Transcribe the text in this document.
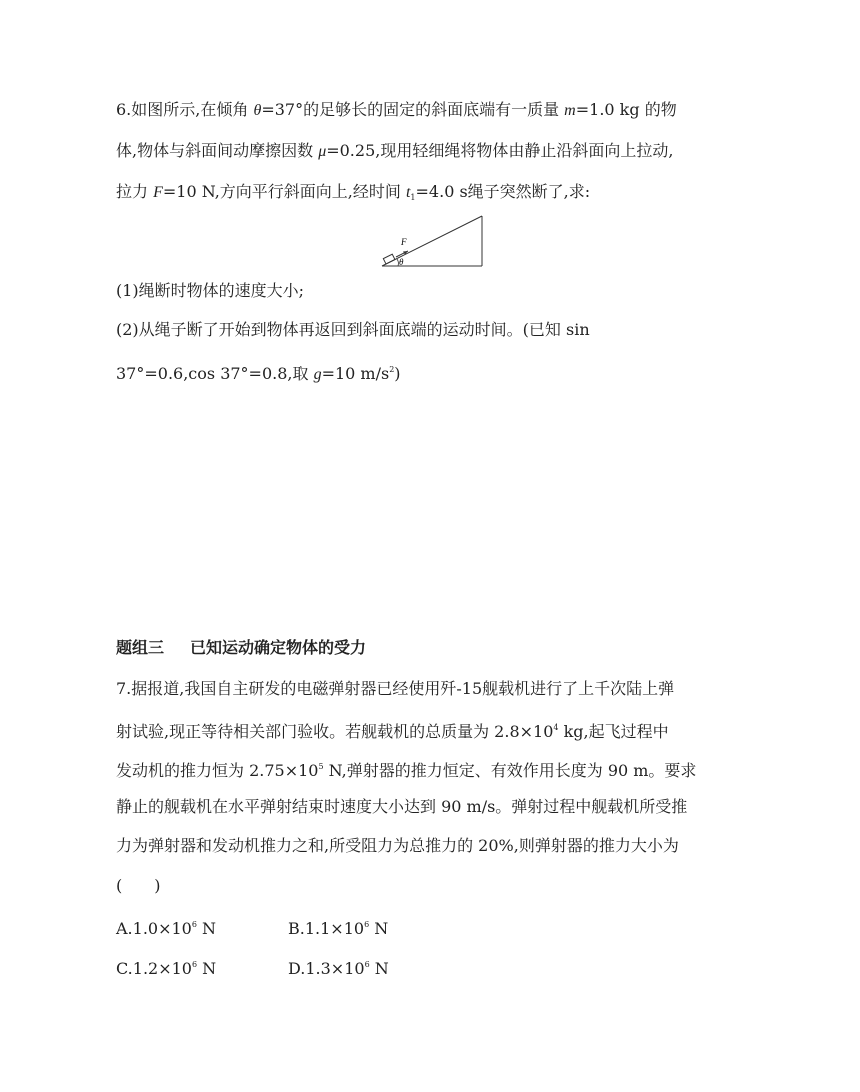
6.如图所示,在倾角 θ=37°的足够长的固定的斜面底端有一质量 m=1.0 kg 的物
体,物体与斜面间动摩擦因数 μ=0.25,现用轻细绳将物体由静止沿斜面向上拉动,
拉力 F=10 N,方向平行斜面向上,经时间 $t_1=4.0$ s绳子突然断了,求:
F
θ
(1)绳断时物体的速度大小;
(2)从绳子断了开始到物体再返回到斜面底端的运动时间。(已知 sin
37°=0.6,cos 37°=0.8,取 g=10 $m/s^2$)
题组三 已知运动确定物体的受力
7.据报道,我国自主研发的电磁弹射器已经使用歼-15舰载机进行了上千次陆上弹
射试验,现正等待相关部门验收。若舰载机的总质量为 $2.8\times 10^4$ kg,起飞过程中
发动机的推力恒为 $2.75\times 10^5$ N,弹射器的推力恒定、有效作用长度为 90 m。要求
静止的舰载机在水平弹射结束时速度大小达到 90 m/s。弹射过程中舰载机所受推
力为弹射器和发动机推力之和,所受阻力为总推力的 20%,则弹射器的推力大小为
(　　)
$A.1.0\times 10^6$ N	$B.1.1\times 10^6$ N
$C.1.2\times 10^6$ N	$D.1.3\times 10^6$ N
